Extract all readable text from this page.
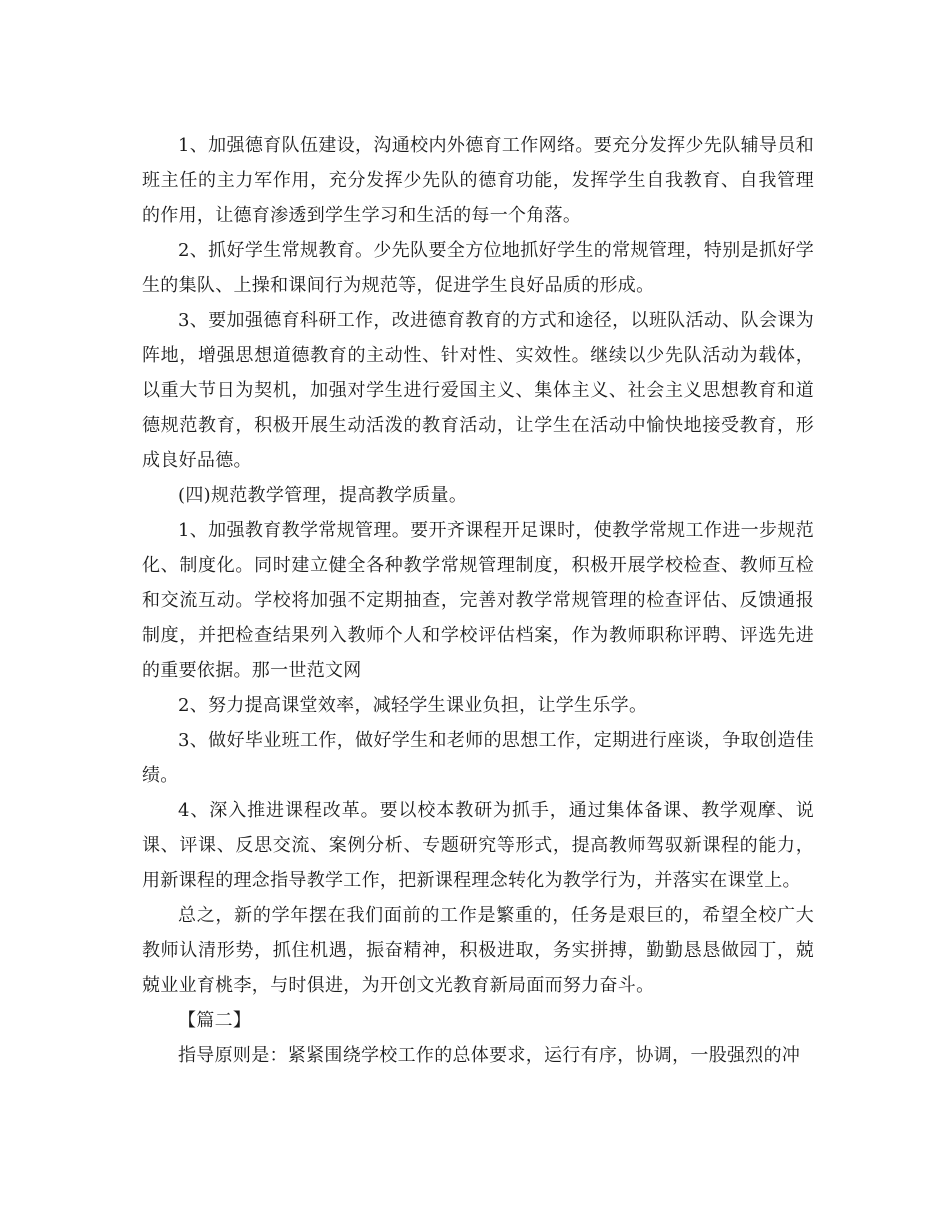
1、加强德育队伍建设，沟通校内外德育工作网络。要充分发挥少先队辅导员和班主任的主力军作用，充分发挥少先队的德育功能，发挥学生自我教育、自我管理的作用，让德育渗透到学生学习和生活的每一个角落。

2、抓好学生常规教育。少先队要全方位地抓好学生的常规管理，特别是抓好学生的集队、上操和课间行为规范等，促进学生良好品质的形成。

3、要加强德育科研工作，改进德育教育的方式和途径，以班队活动、队会课为阵地，增强思想道德教育的主动性、针对性、实效性。继续以少先队活动为载体，以重大节日为契机，加强对学生进行爱国主义、集体主义、社会主义思想教育和道德规范教育，积极开展生动活泼的教育活动，让学生在活动中愉快地接受教育，形成良好品德。

(四)规范教学管理，提高教学质量。

1、加强教育教学常规管理。要开齐课程开足课时，使教学常规工作进一步规范化、制度化。同时建立健全各种教学常规管理制度，积极开展学校检查、教师互检和交流互动。学校将加强不定期抽查，完善对教学常规管理的检查评估、反馈通报制度，并把检查结果列入教师个人和学校评估档案，作为教师职称评聘、评选先进的重要依据。那一世范文网

2、努力提高课堂效率，减轻学生课业负担，让学生乐学。

3、做好毕业班工作，做好学生和老师的思想工作，定期进行座谈，争取创造佳绩。

4、深入推进课程改革。要以校本教研为抓手，通过集体备课、教学观摩、说课、评课、反思交流、案例分析、专题研究等形式，提高教师驾驭新课程的能力，用新课程的理念指导教学工作，把新课程理念转化为教学行为，并落实在课堂上。

总之，新的学年摆在我们面前的工作是繁重的，任务是艰巨的，希望全校广大教师认清形势，抓住机遇，振奋精神，积极进取，务实拼搏，勤勤恳恳做园丁，兢兢业业育桃李，与时俱进，为开创文光教育新局面而努力奋斗。

【篇二】

指导原则是：紧紧围绕学校工作的总体要求，运行有序，协调，一股强烈的冲
